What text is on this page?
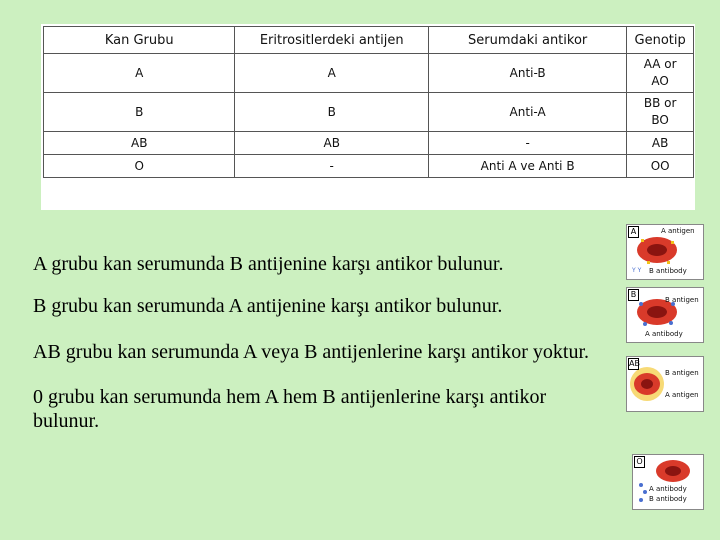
Kan Grubu	Eritrositlerdeki antijen	Serumdaki antikor	Genotip
A	A	Anti-B	AA or
AO
B	B	Anti-A	BB or
BO
AB	AB	-	AB
O	-	Anti A ve Anti B	OO
Y Y
A	A antigen
B antibody
B
B antigen
A antibody
AB
B antigen
A antigen
O
A antibody
B antibody

A grubu kan serumunda B antijenine karşı antikor bulunur.

B grubu kan serumunda A antijenine karşı antikor bulunur.

AB grubu kan serumunda A veya B antijenlerine karşı antikor yoktur.

0 grubu kan serumunda hem A hem B antijenlerine karşı antikor
bulunur.
